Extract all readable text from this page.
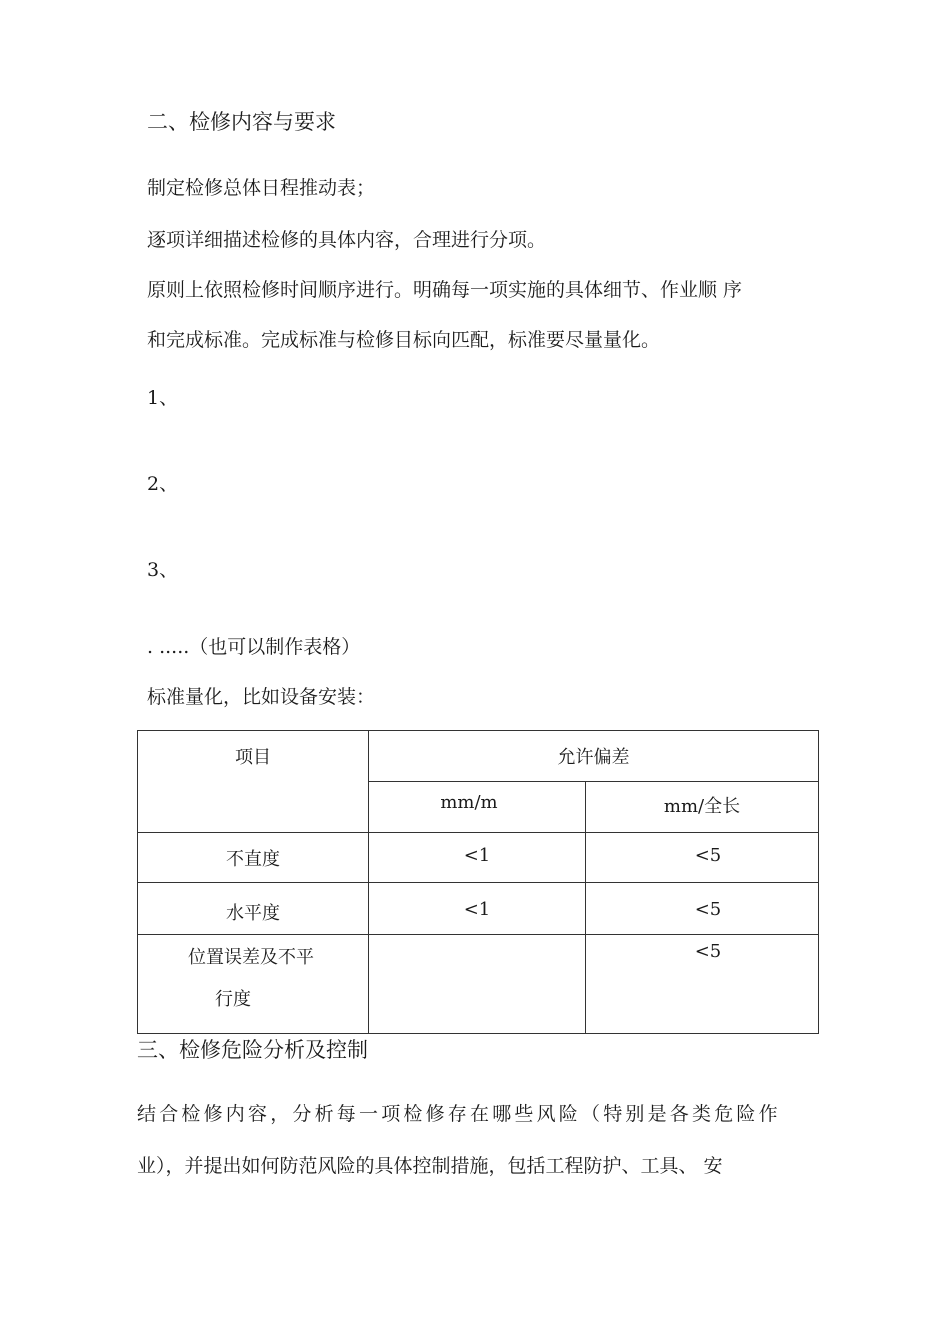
二、检修内容与要求
制定检修总体日程推动表；
逐项详细描述检修的具体内容，合理进行分项。
原则上依照检修时间顺序进行。明确每一项实施的具体细节、作业顺 序
和完成标准。完成标准与检修目标向匹配，标准要尽量量化。
1、
2、
3、
. .....（也可以制作表格）
标准量化，比如设备安装：
项目	允许偏差	

	mm/m	mm/全长

不直度	<1	<5

水平度	<1	<5

位置误差及不平
行度		<5
三、检修危险分析及控制
结合检修内容，分析每一项检修存在哪些风险（特别是各类危险作
业），并提出如何防范风险的具体控制措施，包括工程防护、工具、 安
